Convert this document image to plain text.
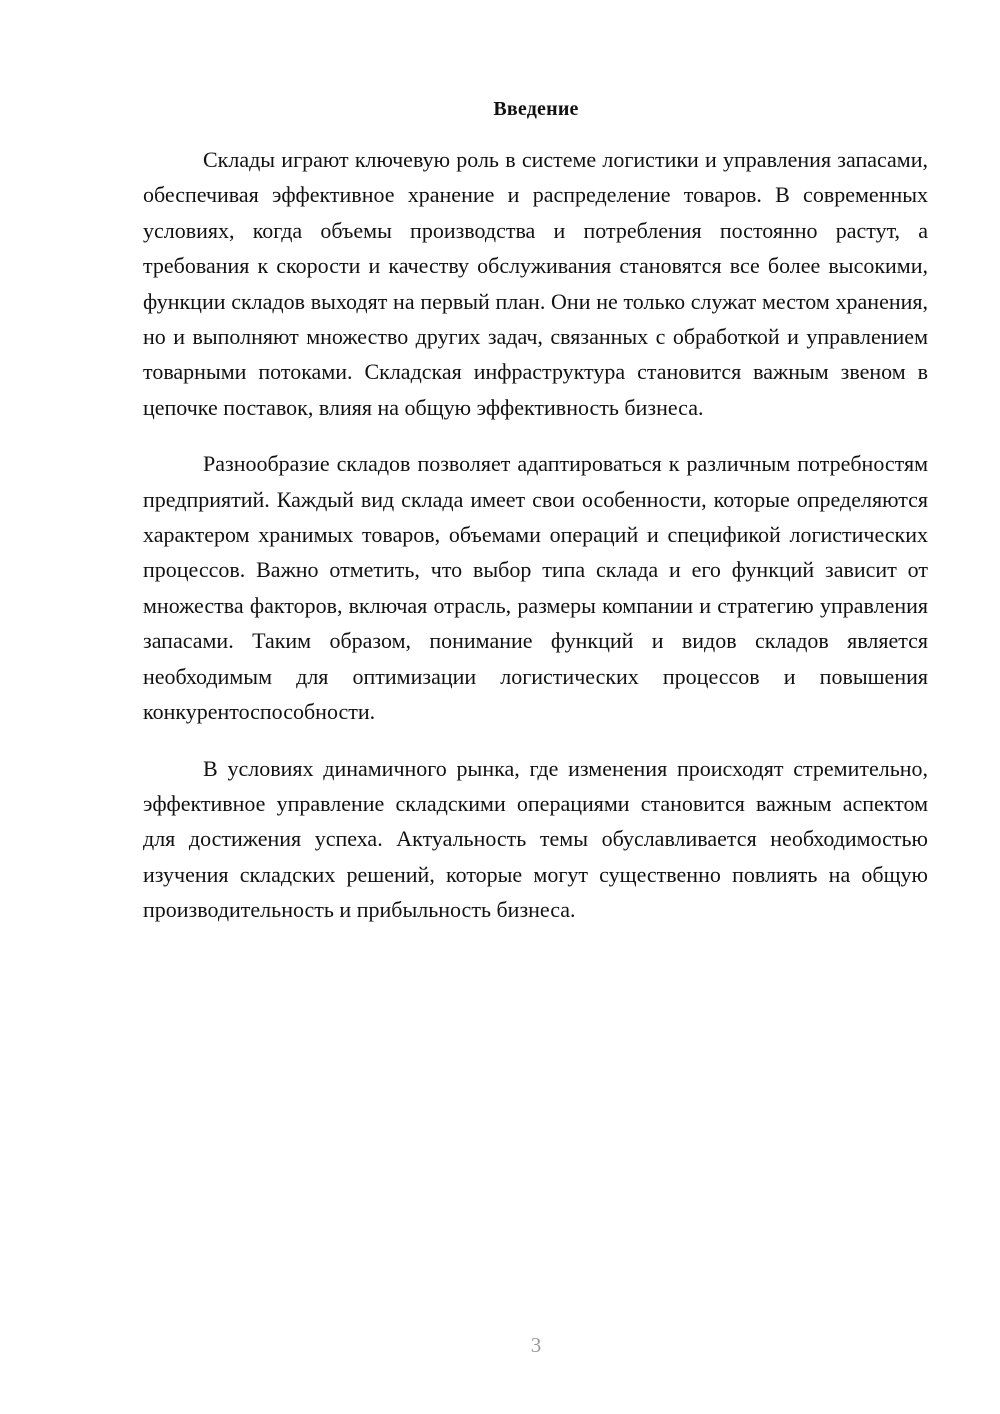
Введение

Склады играют ключевую роль в системе логистики и управления запасами, обеспечивая эффективное хранение и распределение товаров. В современных условиях, когда объемы производства и потребления постоянно растут, а требования к скорости и качеству обслуживания становятся все более высокими, функции складов выходят на первый план. Они не только служат местом хранения, но и выполняют множество других задач, связанных с обработкой и управлением товарными потоками. Складская инфраструктура становится важным звеном в цепочке поставок, влияя на общую эффективность бизнеса.

Разнообразие складов позволяет адаптироваться к различным потребностям предприятий. Каждый вид склада имеет свои особенности, которые определяются характером хранимых товаров, объемами операций и спецификой логистических процессов. Важно отметить, что выбор типа склада и его функций зависит от множества факторов, включая отрасль, размеры компании и стратегию управления запасами. Таким образом, понимание функций и видов складов является необходимым для оптимизации логистических процессов и повышения конкурентоспособности.

В условиях динамичного рынка, где изменения происходят стремительно, эффективное управление складскими операциями становится важным аспектом для достижения успеха. Актуальность темы обуславливается необходимостью изучения складских решений, которые могут существенно повлиять на общую производительность и прибыльность бизнеса.

3
